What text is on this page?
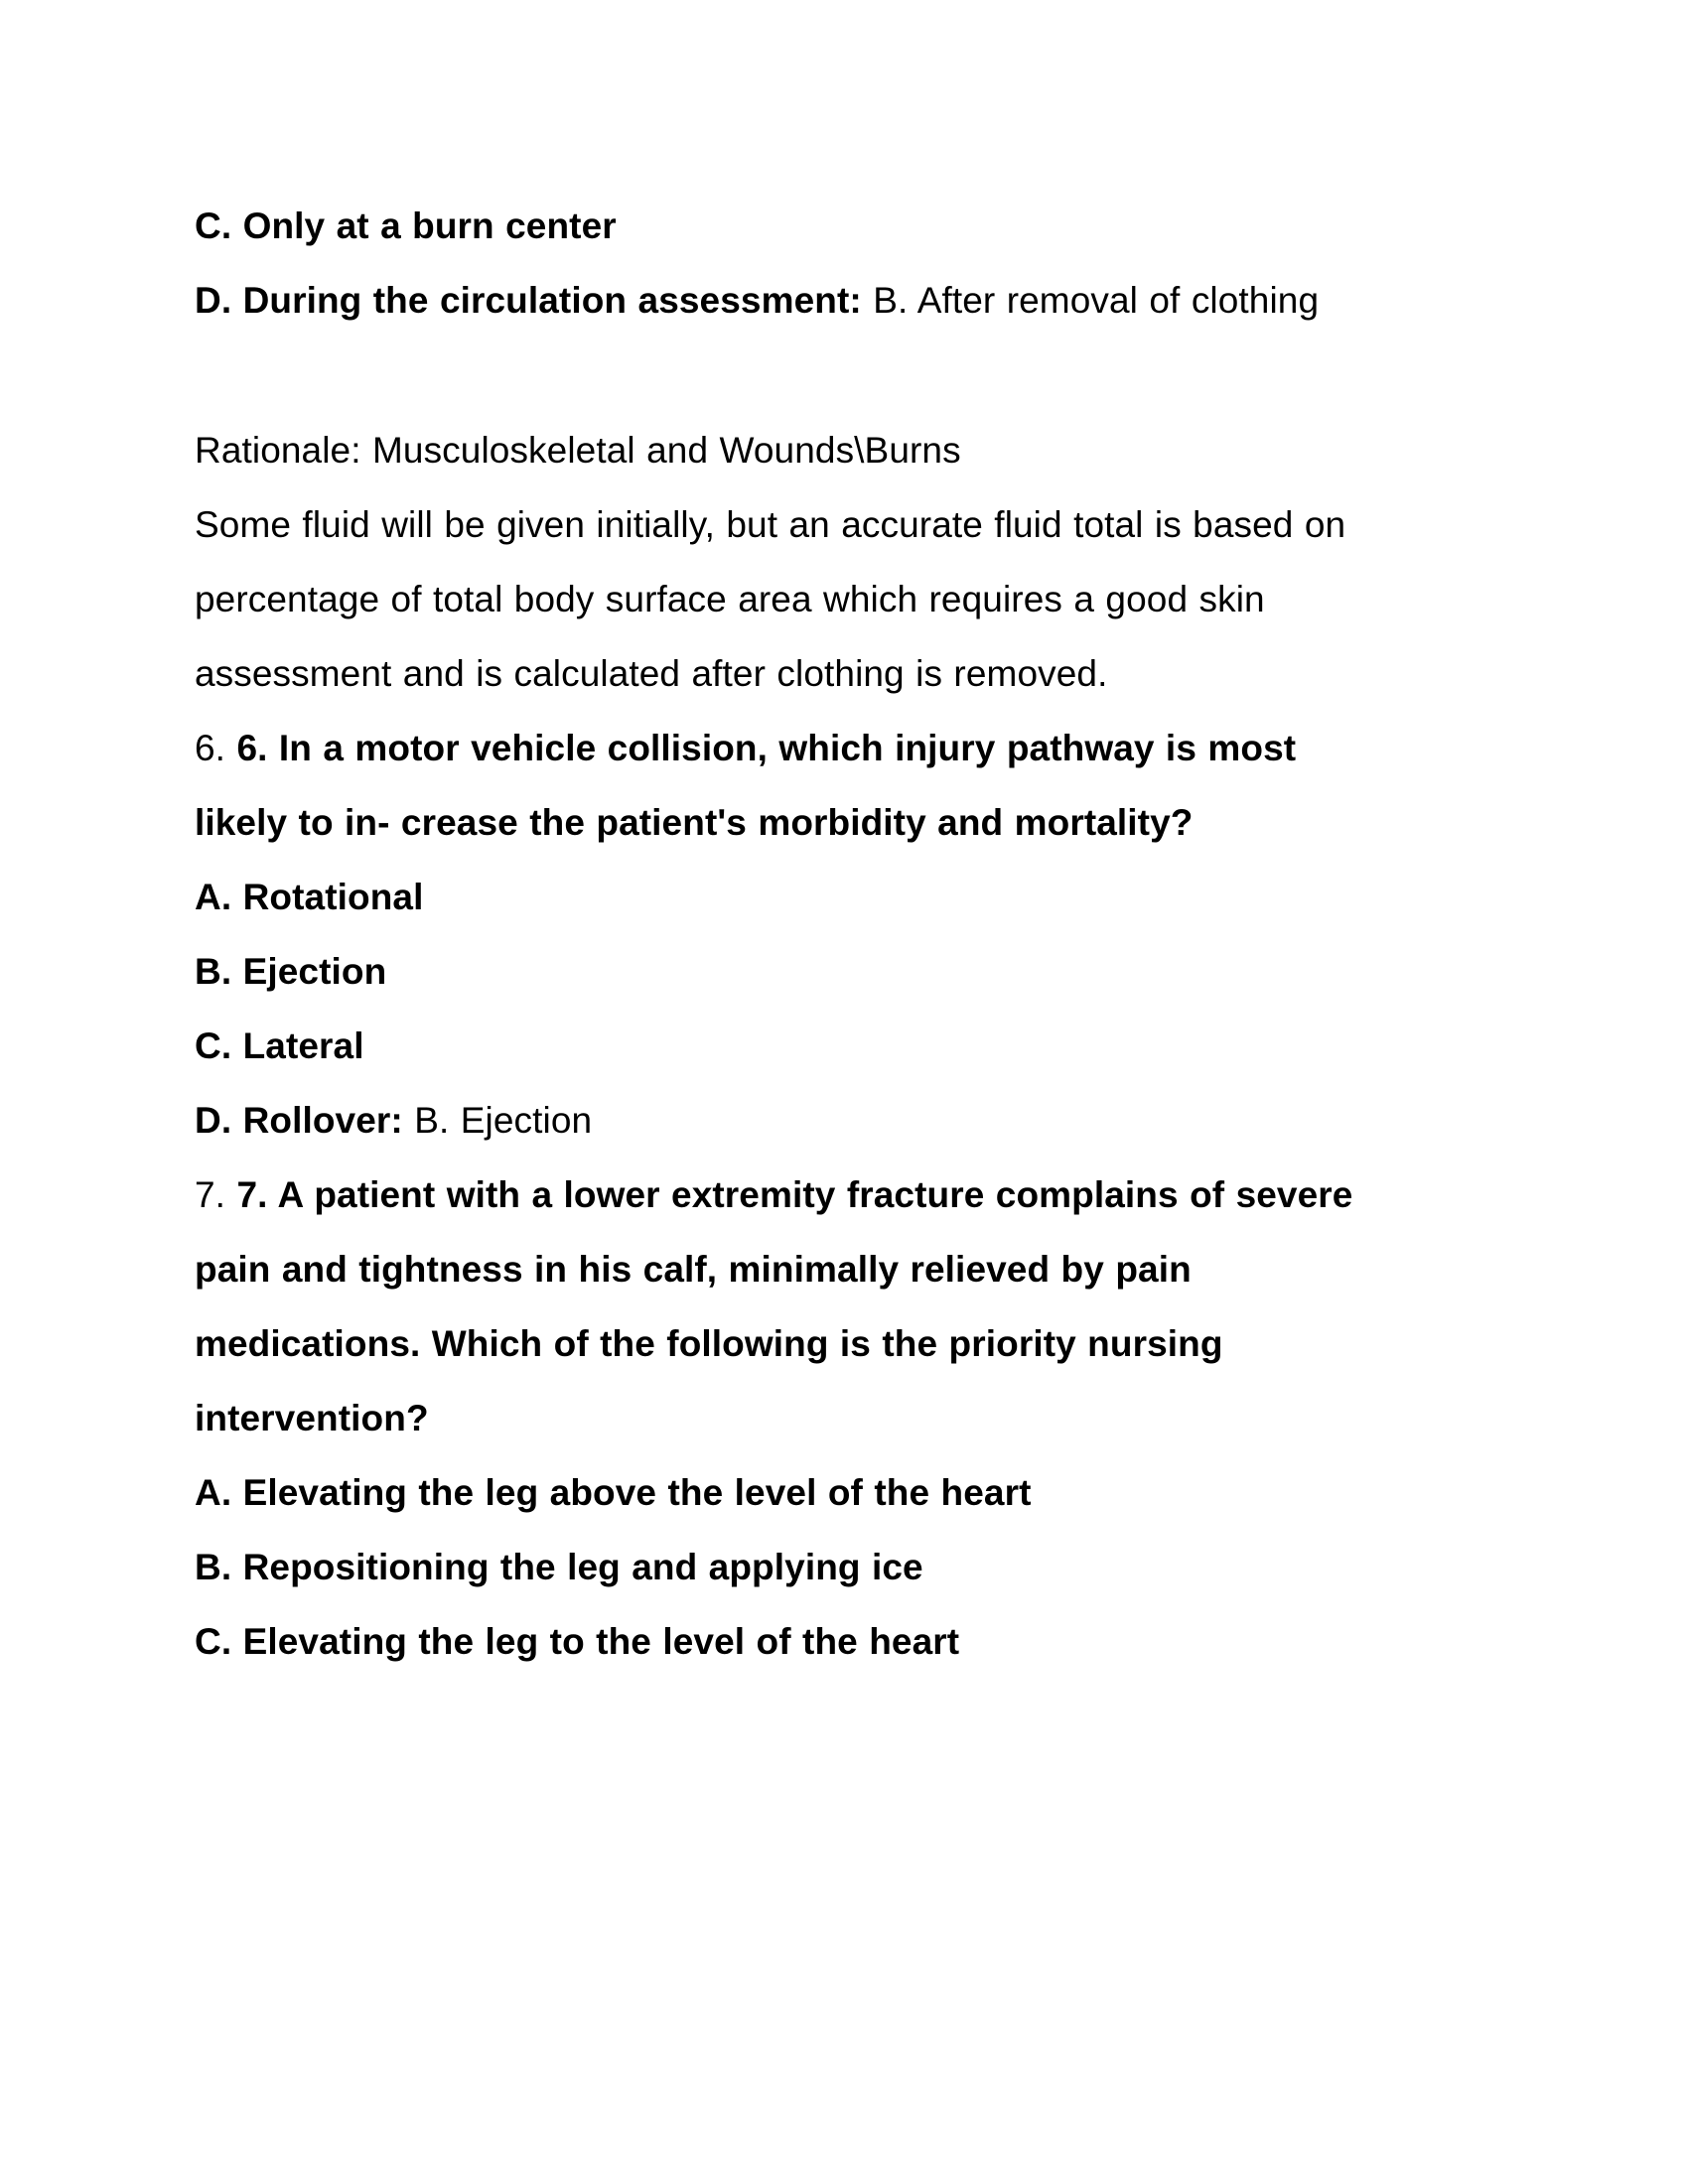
C. Only at a burn center
D. During the circulation assessment: B. After removal of clothing
Rationale: Musculoskeletal and Wounds\Burns
Some fluid will be given initially, but an accurate fluid total is based on percentage of total body surface area which requires a good skin assessment and is calculated after clothing is removed.
6. 6. In a motor vehicle collision, which injury pathway is most likely to in- crease the patient's morbidity and mortality?
A. Rotational
B. Ejection
C. Lateral
D. Rollover: B. Ejection
7. 7. A patient with a lower extremity fracture complains of severe pain and tightness in his calf, minimally relieved by pain medications. Which of the following is the priority nursing intervention?
A. Elevating the leg above the level of the heart
B. Repositioning the leg and applying ice
C. Elevating the leg to the level of the heart
